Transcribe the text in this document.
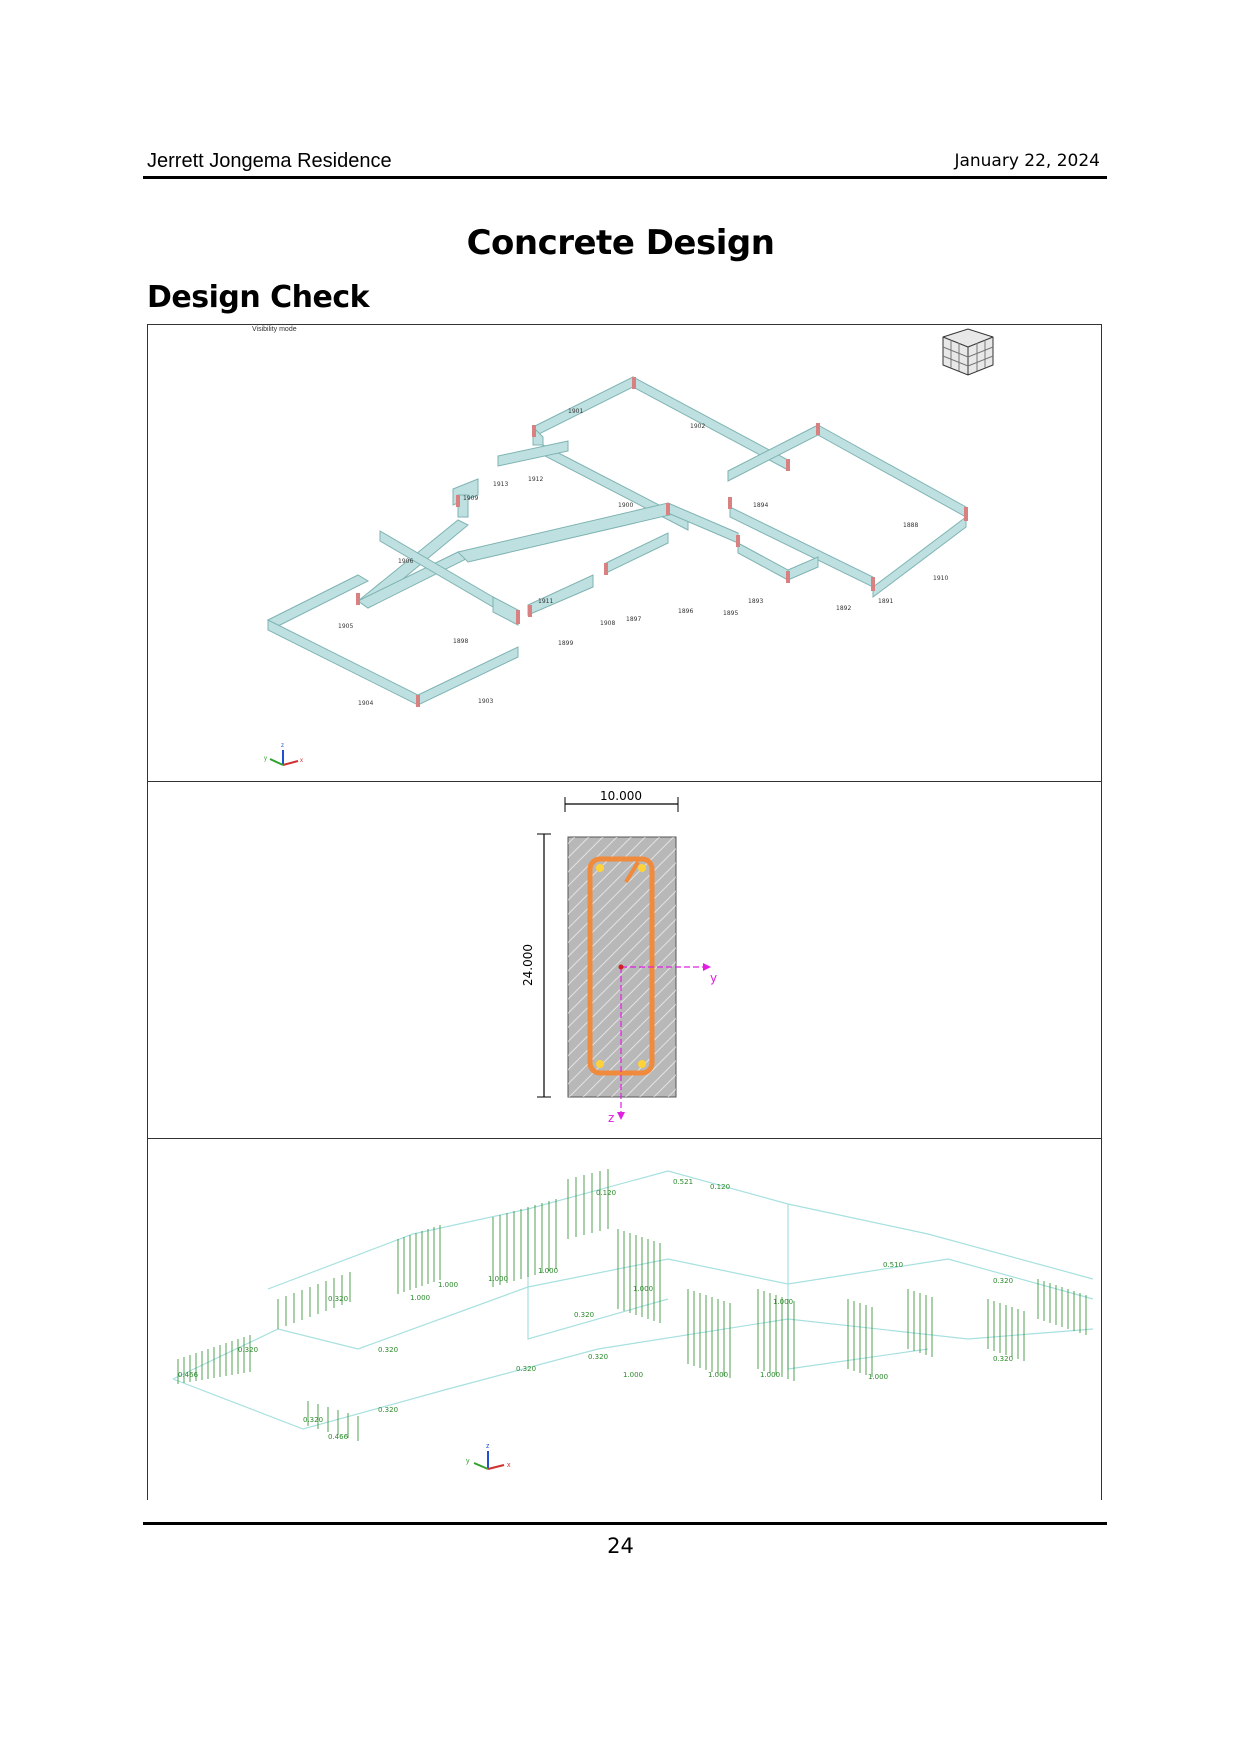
Jerrett Jongema Residence	January 22, 2024
Concrete Design
Design Check
1901
1902
1894
1888
1910
1891
1892
1893
1895
1896
1897
1899
1898
1900
1911
1912
1913
1909
1906
1905
1904	1903
1908
z
x
y
Visibility mode
10.000
24.000	y
z
0.521
0.120
0.120
0.510
0.320
1.000
1.000
1.000
1.000
0.320
0.320
1.000
0.320	0.320
0.320
0.320
1.000
1.000	1.000	1.000	1.000
0.466
0.320
0.320
0.466
0.320
z
x
y
24
